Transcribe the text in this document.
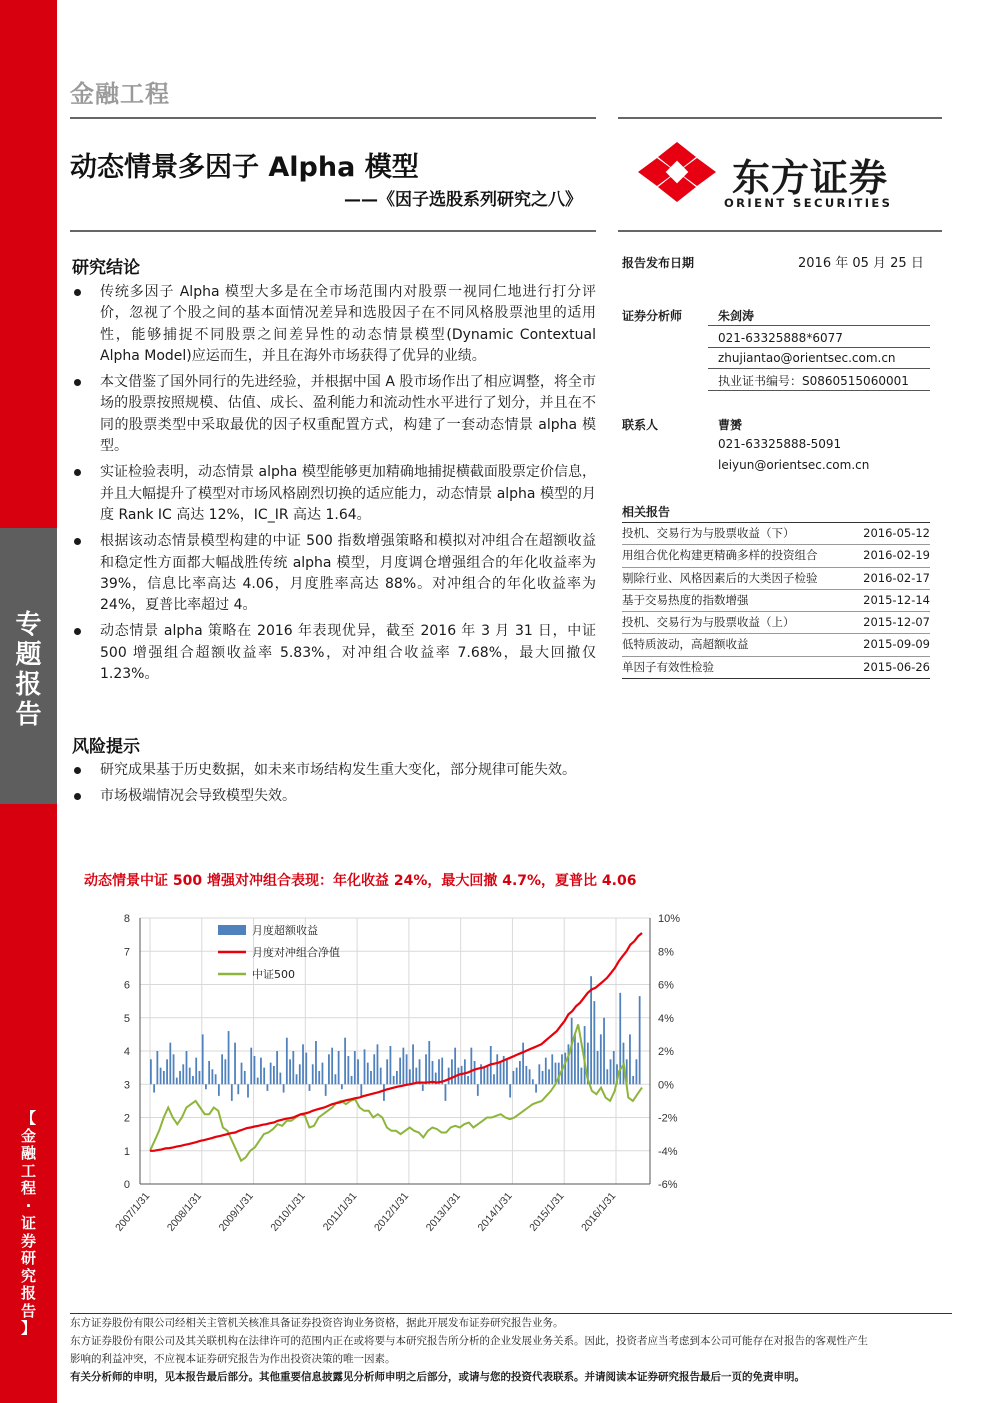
专
题
报
告
【
金
融
工
程
·
证
券
研
究
报
告
】
金融工程
动态情景多因子 Alpha 模型
——《因子选股系列研究之八》	东方证券
ORIENT SECURITIES
研究结论
传统多因子 Alpha 模型大多是在全市场范围内对股票一视同仁地进行打分评价，忽视了个股之间的基本面情况差异和选股因子在不同风格股票池里的适用性，能够捕捉不同股票之间差异性的动态情景模型(Dynamic Contextual Alpha Model)应运而生，并且在海外市场获得了优异的业绩。
本文借鉴了国外同行的先进经验，并根据中国 A 股市场作出了相应调整，将全市场的股票按照规模、估值、成长、盈利能力和流动性水平进行了划分，并且在不同的股票类型中采取最优的因子权重配置方式，构建了一套动态情景 alpha 模型。
实证检验表明，动态情景 alpha 模型能够更加精确地捕捉横截面股票定价信息，并且大幅提升了模型对市场风格剧烈切换的适应能力，动态情景 alpha 模型的月度 Rank IC 高达 12%，IC_IR 高达 1.64。
根据该动态情景模型构建的中证 500 指数增强策略和模拟对冲组合在超额收益和稳定性方面都大幅战胜传统 alpha 模型，月度调仓增强组合的年化收益率为 39%，信息比率高达 4.06，月度胜率高达 88%。对冲组合的年化收益率为 24%，夏普比率超过 4。
动态情景 alpha 策略在 2016 年表现优异，截至 2016 年 3 月 31 日，中证 500 增强组合超额收益率 5.83%，对冲组合收益率 7.68%，最大回撤仅 1.23%。
风险提示
研究成果基于历史数据，如未来市场结构发生重大变化，部分规律可能失效。
市场极端情况会导致模型失效。
报告发布日期	2016 年 05 月 25 日
证券分析师	朱剑涛
021-63325888*6077
zhujiantao@orientsec.com.cn
执业证书编号：S0860515060001
联系人	曹赟
021-63325888-5091
leiyun@orientsec.com.cn
相关报告
投机、交易行为与股票收益（下）	2016-05-12
用组合优化构建更精确多样的投资组合	2016-02-19
剔除行业、风格因素后的大类因子检验	2016-02-17
基于交易热度的指数增强	2015-12-14
投机、交易行为与股票收益（上）	2015-12-07
低特质波动，高超额收益	2015-09-09
单因子有效性检验	2015-06-26
动态情景中证 500 增强对冲组合表现：年化收益 24%，最大回撤 4.7%，夏普比 4.06
0
1
2
3
4
5
6
7
8
-6%
-4%
-2%
0%
2%
4%
6%
8%
10%
2007/1/31 2008/1/31 2009/1/31 2010/1/31 2011/1/31 2012/1/31 2013/1/31 2014/1/31 2015/1/31 2016/1/31
月度超额收益
月度对冲组合净值
中证500
东方证券股份有限公司经相关主管机关核准具备证券投资咨询业务资格，据此开展发布证券研究报告业务。
东方证券股份有限公司及其关联机构在法律许可的范围内正在或将要与本研究报告所分析的企业发展业务关系。因此，投资者应当考虑到本公司可能存在对报告的客观性产生
影响的利益冲突，不应视本证券研究报告为作出投资决策的唯一因素。
有关分析师的申明，见本报告最后部分。其他重要信息披露见分析师申明之后部分，或请与您的投资代表联系。并请阅读本证券研究报告最后一页的免责申明。
